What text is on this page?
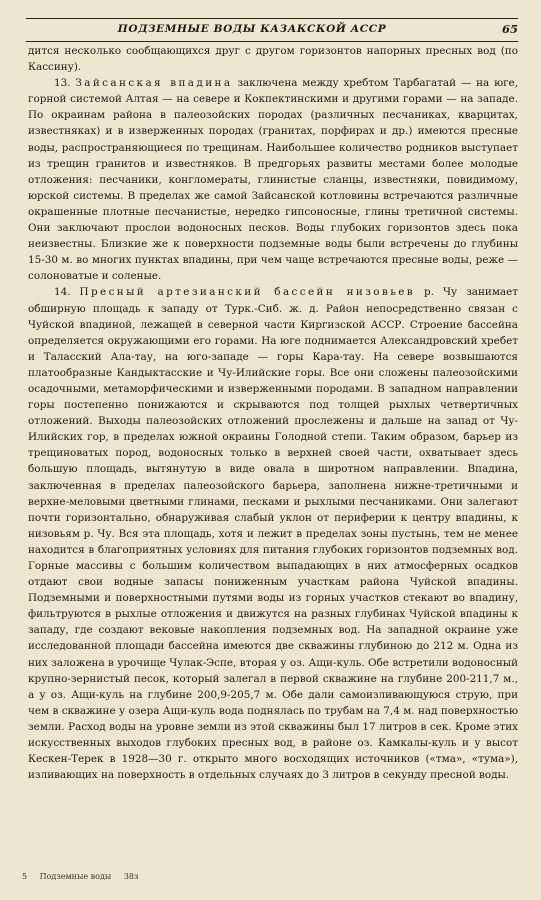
ПОДЗЕМНЫЕ ВОДЫ КАЗАКСКОЙ АССР	65

дится несколько сообщающихся друг с другом горизонтов напорных пресных вод (по Кассину).

13. Зайсанская впадина заключена между хребтом Тарбагатай — на юге, горной системой Алтая — на севере и Кокпектинскими и другими горами — на западе. По окраинам района в палеозойских породах (различных песчаниках, кварцитах, известняках) и в изверженных породах (гранитах, порфирах и др.) имеются пресные воды, распространяющиеся по трещинам. Наибольшее количество родников выступает из трещин гранитов и известняков. В предгорьях развиты местами более молодые отложения: песчаники, конгломераты, глинистые сланцы, известняки, повидимому, юрской системы. В пределах же самой Зайсанской котловины встречаются различные окрашенные плотные песчанистые, нередко гипсоносные, глины третичной системы. Они заключают прослои водоносных песков. Воды глубоких горизонтов здесь пока неизвестны. Близкие же к поверхности подземные воды были встречены до глубины 15-30 м. во многих пунктах впадины, при чем чаще встречаются пресные воды, реже — солоноватые и соленые.

14. Пресный артезианский бассейн низовьев р. Чу занимает обширную площадь к западу от Турк.-Сиб. ж. д. Район непосредственно связан с Чуйской впадиной, лежащей в северной части Киргизской АССР. Строение бассейна определяется окружающими его горами. На юге поднимается Александровский хребет и Таласский Ала-тау, на юго-западе — горы Кара-тау. На севере возвышаются платообразные Кандыктасские и Чу-Илийские горы. Все они сложены палеозойскими осадочными, метаморфическими и изверженными породами. В западном направлении горы постепенно понижаются и скрываются под толщей рыхлых четвертичных отложений. Выходы палеозойских отложений прослежены и дальше на запад от Чу-Илийских гор, в пределах южной окраины Голодной степи. Таким образом, барьер из трещиноватых пород, водоносных только в верхней своей части, охватывает здесь большую площадь, вытянутую в виде овала в широтном направлении. Впадина, заключенная в пределах палеозойского барьера, заполнена нижне-третичными и верхне-меловыми цветными глинами, песками и рыхлыми песчаниками. Они залегают почти горизонтально, обнаруживая слабый уклон от периферии к центру впадины, к низовьям р. Чу. Вся эта площадь, хотя и лежит в пределах зоны пустынь, тем не менее находится в благоприятных условиях для питания глубоких горизонтов подземных вод. Горные массивы с большим количеством выпадающих в них атмосферных осадков отдают свои водные запасы пониженным участкам района Чуйской впадины. Подземными и поверхностными путями воды из горных участков стекают во впадину, фильтруются в рыхлые отложения и движутся на разных глубинах Чуйской впадины к западу, где создают вековые накопления подземных вод. На западной окраине уже исследованной площади бассейна имеются две скважины глубиною до 212 м. Одна из них заложена в урочище Чулак-Эспе, вторая у оз. Ащи-куль. Обе встретили водоносный крупно-зернистый песок, который залегал в первой скважине на глубине 200-211,7 м., а у оз. Ащи-куль на глубине 200,9-205,7 м. Обе дали самоизливающуюся струю, при чем в скважине у озера Ащи-куль вода поднялась по трубам на 7,4 м. над поверхностью земли. Расход воды на уровне земли из этой скважины был 17 литров в сек. Кроме этих искусственных выходов глубоких пресных вод, в районе оз. Камкалы-куль и у высот Кескен-Терек в 1928—30 г. открыто много восходящих источников («тма», «тума»), изливающих на поверхность в отдельных случаях до 3 литров в секунду пресной воды.

5 Подземные воды 38з
